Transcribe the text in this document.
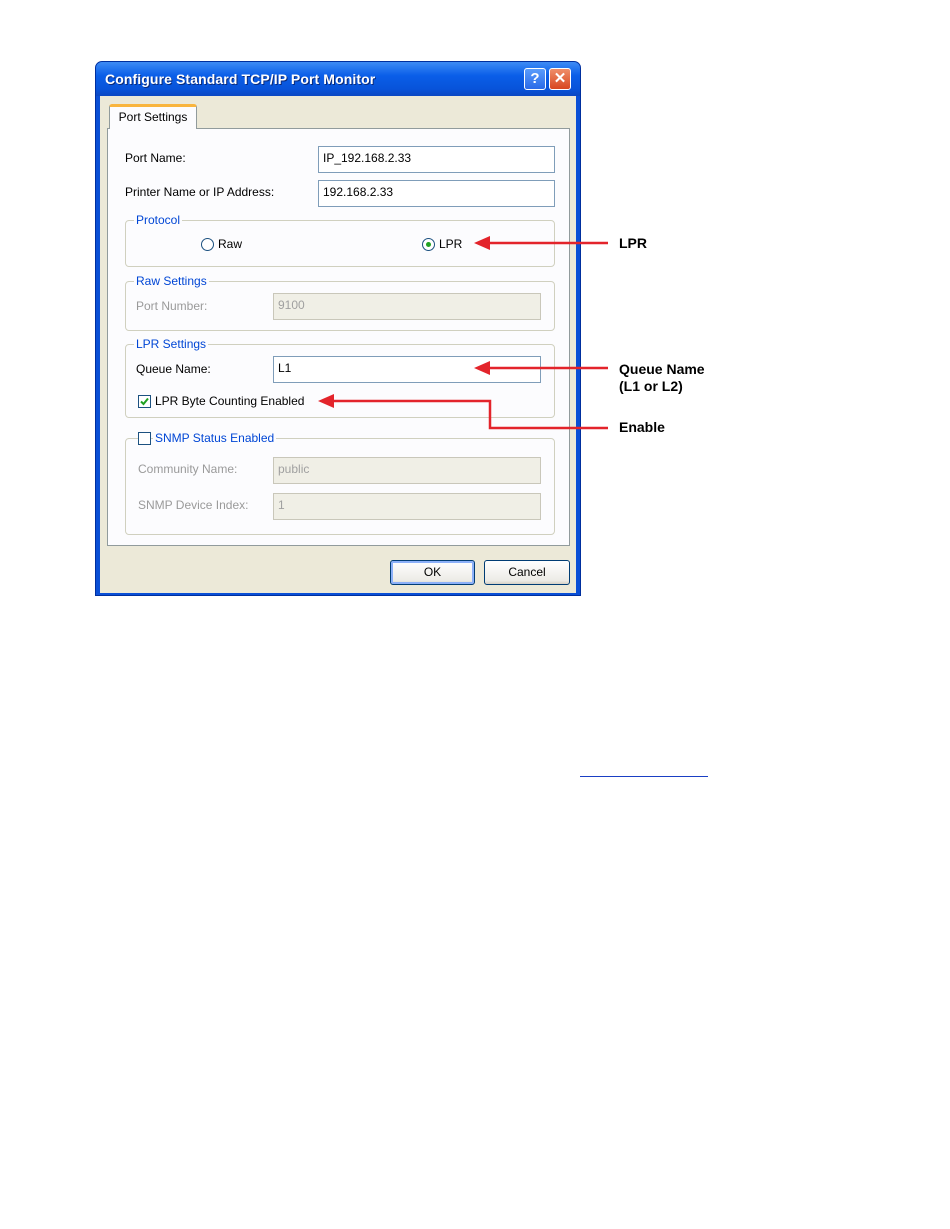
Configure Standard TCP/IP Port Monitor	? ✕
Port Settings
Port Name:	IP_192.168.2.33
Printer Name or IP Address:	192.168.2.33
Protocol
Raw	LPR
Raw Settings
Port Number:	9100
LPR Settings
Queue Name:	L1
LPR Byte Counting Enabled
SNMP Status Enabled
Community Name:	public
SNMP Device Index:	1
OK	Cancel
LPR
Queue Name
(L1 or L2)
Enable
